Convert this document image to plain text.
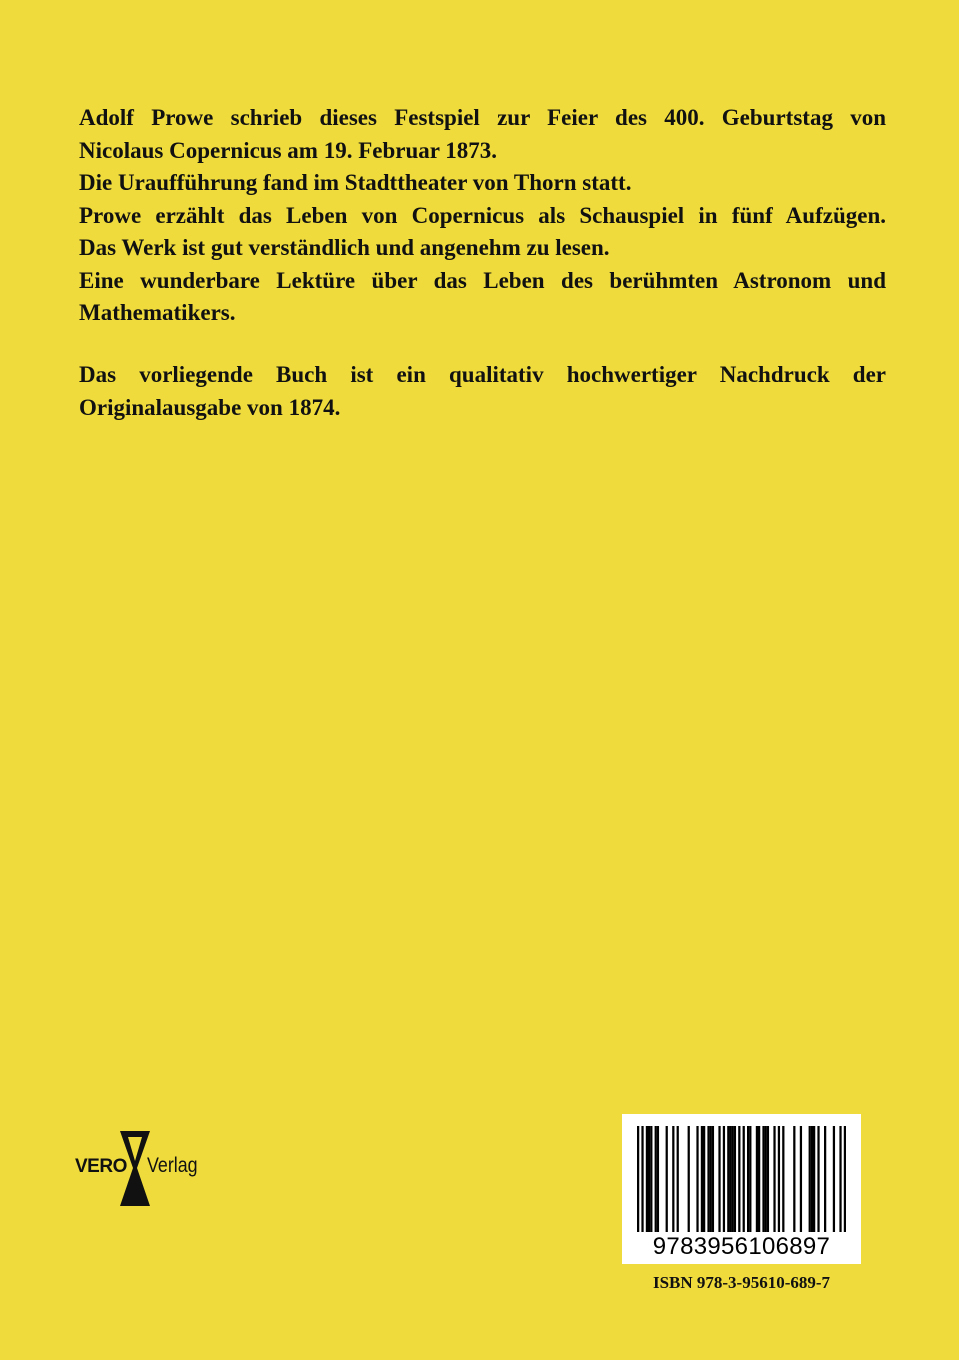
Adolf Prowe schrieb dieses Festspiel zur Feier des 400. Geburtstag von
Nicolaus Copernicus am 19. Februar 1873.
Die Uraufführung fand im Stadttheater von Thorn statt.
Prowe erzählt das Leben von Copernicus als Schauspiel in fünf Aufzügen.
Das Werk ist gut verständlich und angenehm zu lesen.
Eine wunderbare Lektüre über das Leben des berühmten Astronom und
Mathematikers.
Das vorliegende Buch ist ein qualitativ hochwertiger Nachdruck der
Originalausgabe von 1874.
VERO Verlag
9783956106897
ISBN 978-3-95610-689-7
